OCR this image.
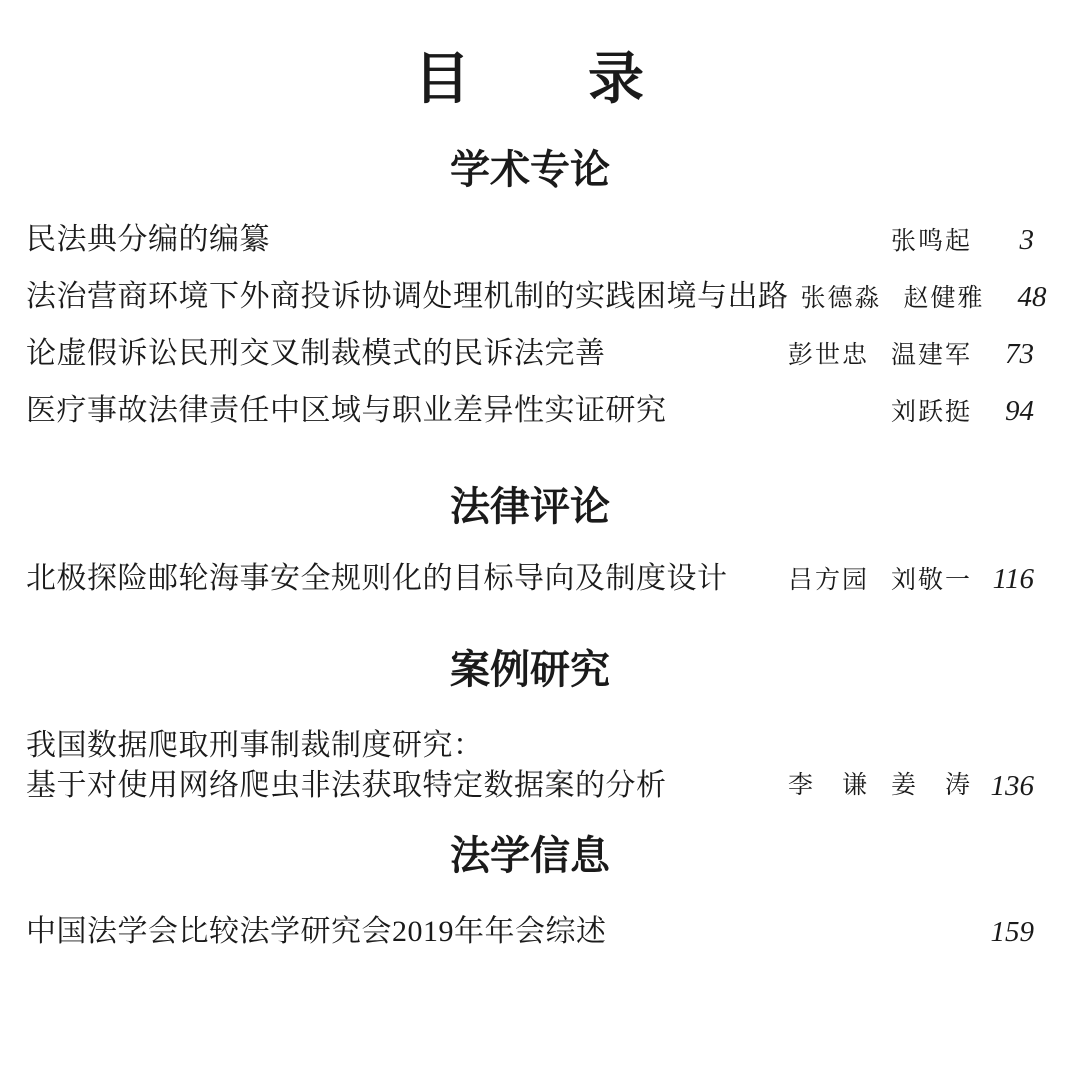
目　　录
学术专论
民法典分编的编纂	张鸣起	3
法治营商环境下外商投诉协调处理机制的实践困境与出路 张德淼 赵健雅	48
论虚假诉讼民刑交叉制裁模式的民诉法完善	彭世忠 温建军	73
医疗事故法律责任中区域与职业差异性实证研究	刘跃挺	94
法律评论
北极探险邮轮海事安全规则化的目标导向及制度设计	吕方园 刘敬一 116
案例研究
我国数据爬取刑事制裁制度研究：
基于对使用网络爬虫非法获取特定数据案的分析	李　谦 姜　涛 136
法学信息
中国法学会比较法学研究会2019年年会综述	159
